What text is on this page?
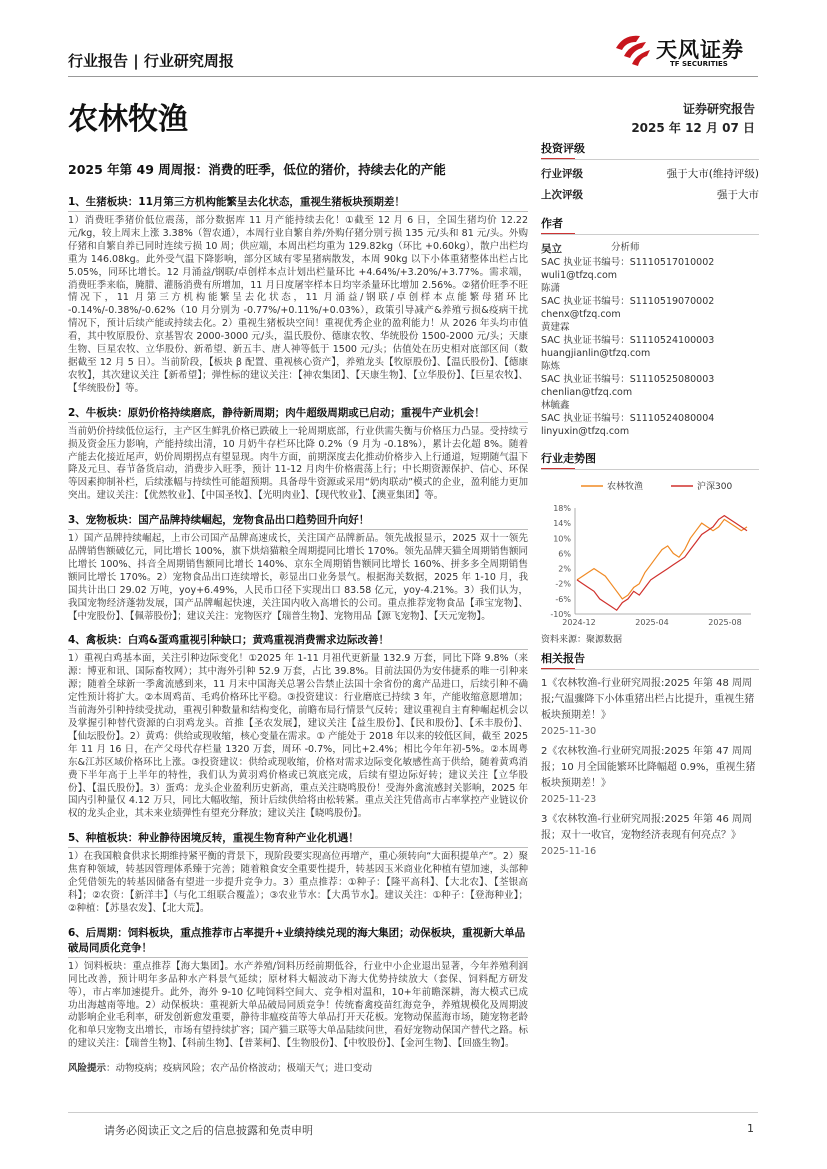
行业报告 | 行业研究周报	天风证券
TF SECURITIES
农林牧渔	证券研究报告
2025 年 12 月 07 日
2025 年第 49 周周报：消费的旺季，低位的猪价，持续去化的产能
1、生猪板块：11月第三方机构能繁呈去化状态，重视生猪板块预期差！

1）消费旺季猪价低位震荡，部分数据库 11 月产能持续去化！①截至 12 月 6 日，全国生猪均价 12.22 元/kg，较上周末上涨 3.38%（智农通），本周行业自繁自养/外购仔猪分别亏损 135 元/头和 81 元/头。外购仔猪和自繁自养已同时连续亏损 10 周；供应端，本周出栏均重为 129.82kg（环比 +0.60kg），散户出栏均重为 146.08kg。此外受气温下降影响，部分区域有零星猪病散发，本周 90kg 以下小体重猪整体出栏占比 5.05%，同环比增长。12 月涌益/钢联/卓创样本点计划出栏量环比 +4.64%/+3.20%/+3.77%。需求端，消费旺季来临，腌腊、灌肠消费有所增加，11 月日度屠宰样本日均宰杀量环比增加 2.56%。②猪价旺季不旺情况下，11 月第三方机构能繁呈去化状态，11 月涌益/钢联/卓创样本点能繁母猪环比 -0.14%/-0.38%/-0.62%（10 月分别为 -0.77%/+0.11%/+0.03%），政策引导减产&养殖亏损&疫病干扰情况下，预计后续产能或持续去化。2）重视生猪板块空间！重视优秀企业的盈利能力！从 2026 年头均市值看，其中牧原股份、京基智农 2000-3000 元/头，温氏股份、德康农牧、华统股份 1500-2000 元/头；天康生物、巨星农牧、立华股份、新希望、新五丰、唐人神等低于 1500 元/头；估值处在历史相对底部区间（数据截至 12 月 5 日）。当前阶段，【板块 β 配置、重视核心资产】，养殖龙头【牧原股份】、【温氏股份】、【德康农牧】，其次建议关注【新希望】；弹性标的建议关注：【神农集团】、【天康生物】、【立华股份】、【巨星农牧】、【华统股份】等。

2、牛板块：原奶价格持续磨底，静待新周期；肉牛超级周期或已启动；重视牛产业机会！

当前奶价持续低位运行，主产区生鲜乳价格已跌破上一轮周期底部，行业供需失衡与价格压力凸显。受持续亏损及资金压力影响，产能持续出清，10 月奶牛存栏环比降 0.2%（9 月为 -0.18%），累计去化超 8%。随着产能去化接近尾声，奶价周期拐点有望显现。肉牛方面，前期深度去化推动价格步入上行通道，短期随气温下降及元旦、春节备货启动，消费步入旺季，预计 11-12 月肉牛价格震荡上行；中长期资源保护、信心、环保等因素抑制补栏，后续涨幅与持续性可能超预期。具备母牛资源或采用“奶肉联动”模式的企业，盈利能力更加突出。建议关注：【优然牧业】、【中国圣牧】、【光明肉业】、【现代牧业】、【澳亚集团】等。

3、宠物板块：国产品牌持续崛起，宠物食品出口趋势回升向好！

1）国产品牌持续崛起，上市公司国产品牌高速成长，关注国产品牌新品。领先战报显示，2025 双十一领先品牌销售额破亿元，同比增长 100%，旗下烘焙猫粮全周期提同比增长 170%。领先品牌天猫全周期销售额同比增长 100%、抖音全周期销售额同比增长 140%、京东全周期销售额同比增长 160%、拼多多全周期销售额同比增长 170%。2）宠物食品出口连续增长，彰显出口业务景气。根据海关数据，2025 年 1-10 月，我国共计出口 29.02 万吨，yoy+6.49%，人民币口径下实现出口 83.58 亿元，yoy-4.21%。3）我们认为，我国宠物经济蓬勃发展，国产品牌崛起快速，关注国内收入高增长的公司。重点推荐宠物食品【乖宝宠物】、【中宠股份】、【佩蒂股份】；建议关注：宠物医疗【瑞普生物】、宠物用品【源飞宠物】、【天元宠物】。

4、禽板块：白鸡&蛋鸡重视引种缺口；黄鸡重视消费需求边际改善！

1）重视白鸡基本面，关注引种边际变化！①2025 年 1-11 月祖代更新量 132.9 万套，同比下降 9.8%（来源：博亚和讯、国际畜牧网）；其中海外引种 52.9 万套，占比 39.8%。目前法国仍为安伟捷系的唯一引种来源；随着全球新一季禽流感到来，11 月末中国海关总署公告禁止法国十余省份的禽产品进口，后续引种不确定性预计将扩大。②本周鸡苗、毛鸡价格环比平稳。③投资建议：行业磨底已持续 3 年，产能收缩意愿增加；当前海外引种持续受扰动，重视引种数量和结构变化，前瞻布局行情景气反转；建议重视自主育种崛起机会以及掌握引种替代资源的白羽鸡龙头。首推【圣农发展】，建议关注【益生股份】、【民和股份】、【禾丰股份】、【仙坛股份】。2）黄鸡：供给或现收缩，核心变量在需求。① 产能处于 2018 年以来的较低区间，截至 2025 年 11 月 16 日，在产父母代存栏量 1320 万套，周环 -0.7%，同比+2.4%；相比今年年初-5%。②本周粤东&江苏区域价格环比上涨。③投资建议：供给或现收缩，价格对需求边际变化敏感性高于供给，随着黄鸡消费下半年高于上半年的特性，我们认为黄羽鸡价格或已筑底完成，后续有望边际好转；建议关注【立华股份】、【温氏股份】。3）蛋鸡：龙头企业盈利历史新高，重点关注晓鸣股份！受海外禽流感封关影响，2025 年国内引种量仅 4.12 万只，同比大幅收缩，预计后续供给将由松转紧。重点关注凭借高市占率掌控产业链议价权的龙头企业，其未来业绩弹性有望充分释放；建议关注【晓鸣股份】。

5、种植板块：种业静待困境反转，重视生物育种产业化机遇！

1）在我国粮食供求长期维持紧平衡的背景下，现阶段要实现高位再增产，重心须转向“大面积提单产”。2）聚焦育种领域，转基因管理体系臻于完善；随着粮食安全重要性提升，转基因玉米商业化种植有望加速，头部种企凭借领先的转基因储备有望进一步提升竞争力。3）重点推荐：①种子：【隆平高科】、【大北农】、【荃银高科】；②农资：【新洋丰】（与化工组联合覆盖）；③农业节水：【大禹节水】。建议关注：①种子：【登海种业】；②种植：【苏垦农发】、【北大荒】。

6、后周期：饲料板块，重点推荐市占率提升+业绩持续兑现的海大集团；动保板块，重视新大单品破局同质化竞争！

1）饲料板块：重点推荐【海大集团】。水产养殖/饲料历经前期低谷，行业中小企业退出显著，今年养殖利润同比改善，预计明年多品种水产料景气延续；原材料大幅波动下海大优势持续放大（套保、饲料配方研发等），市占率加速提升。此外，海外 9-10 亿吨饲料空间大、竞争相对温和，10+年前瞻深耕，海大模式已成功出海越南等地。2）动保板块：重视新大单品破局同质竞争！传统畜禽疫苗红海竞争，养殖规模化及周期波动影响企业毛利率，研发创新愈发重要，静待非瘟疫苗等大单品打开天花板。宠物动保蓝海市场，随宠物老龄化和单只宠物支出增长，市场有望持续扩容；国产猫三联等大单品陆续问世，看好宠物动保国产替代之路。标的建议关注：【瑞普生物】、【科前生物】、【普莱柯】、【生物股份】、【中牧股份】、【金河生物】、【回盛生物】。

风险提示：动物疫病；疫病风险；农产品价格波动；极端天气；进口变动
投资评级
行业评级	强于大市(维持评级)
上次评级	强于大市
作者
吴立	分析师
SAC 执业证书编号：S1110517010002
wuli1@tfzq.com
陈潇
SAC 执业证书编号：S1110519070002
chenx@tfzq.com
黄建霖
SAC 执业证书编号：S1110524100003
huangjianlin@tfzq.com
陈炼
SAC 执业证书编号：S1110525080003
chenlian@tfzq.com
林毓鑫
SAC 执业证书编号：S1110524080004
linyuxin@tfzq.com
行业走势图
农林牧渔	沪深300
18%
14%
10%
6%
2%
-2%
-6%
-10%
2024-12	2025-04	2025-08
资料来源：聚源数据
相关报告
1《农林牧渔-行业研究周报:2025 年第 48 周周报;气温骤降下小体重猪出栏占比提升，重视生猪板块预期差！》
2025-11-30
2《农林牧渔-行业研究周报:2025 年第 47 周周报；10 月全国能繁环比降幅超 0.9%，重视生猪板块预期差！》
2025-11-23
3《农林牧渔-行业研究周报:2025 年第 46 周周报；双十一收官，宠物经济表现有何亮点？》 2025-11-16
请务必阅读正文之后的信息披露和免责申明	1
